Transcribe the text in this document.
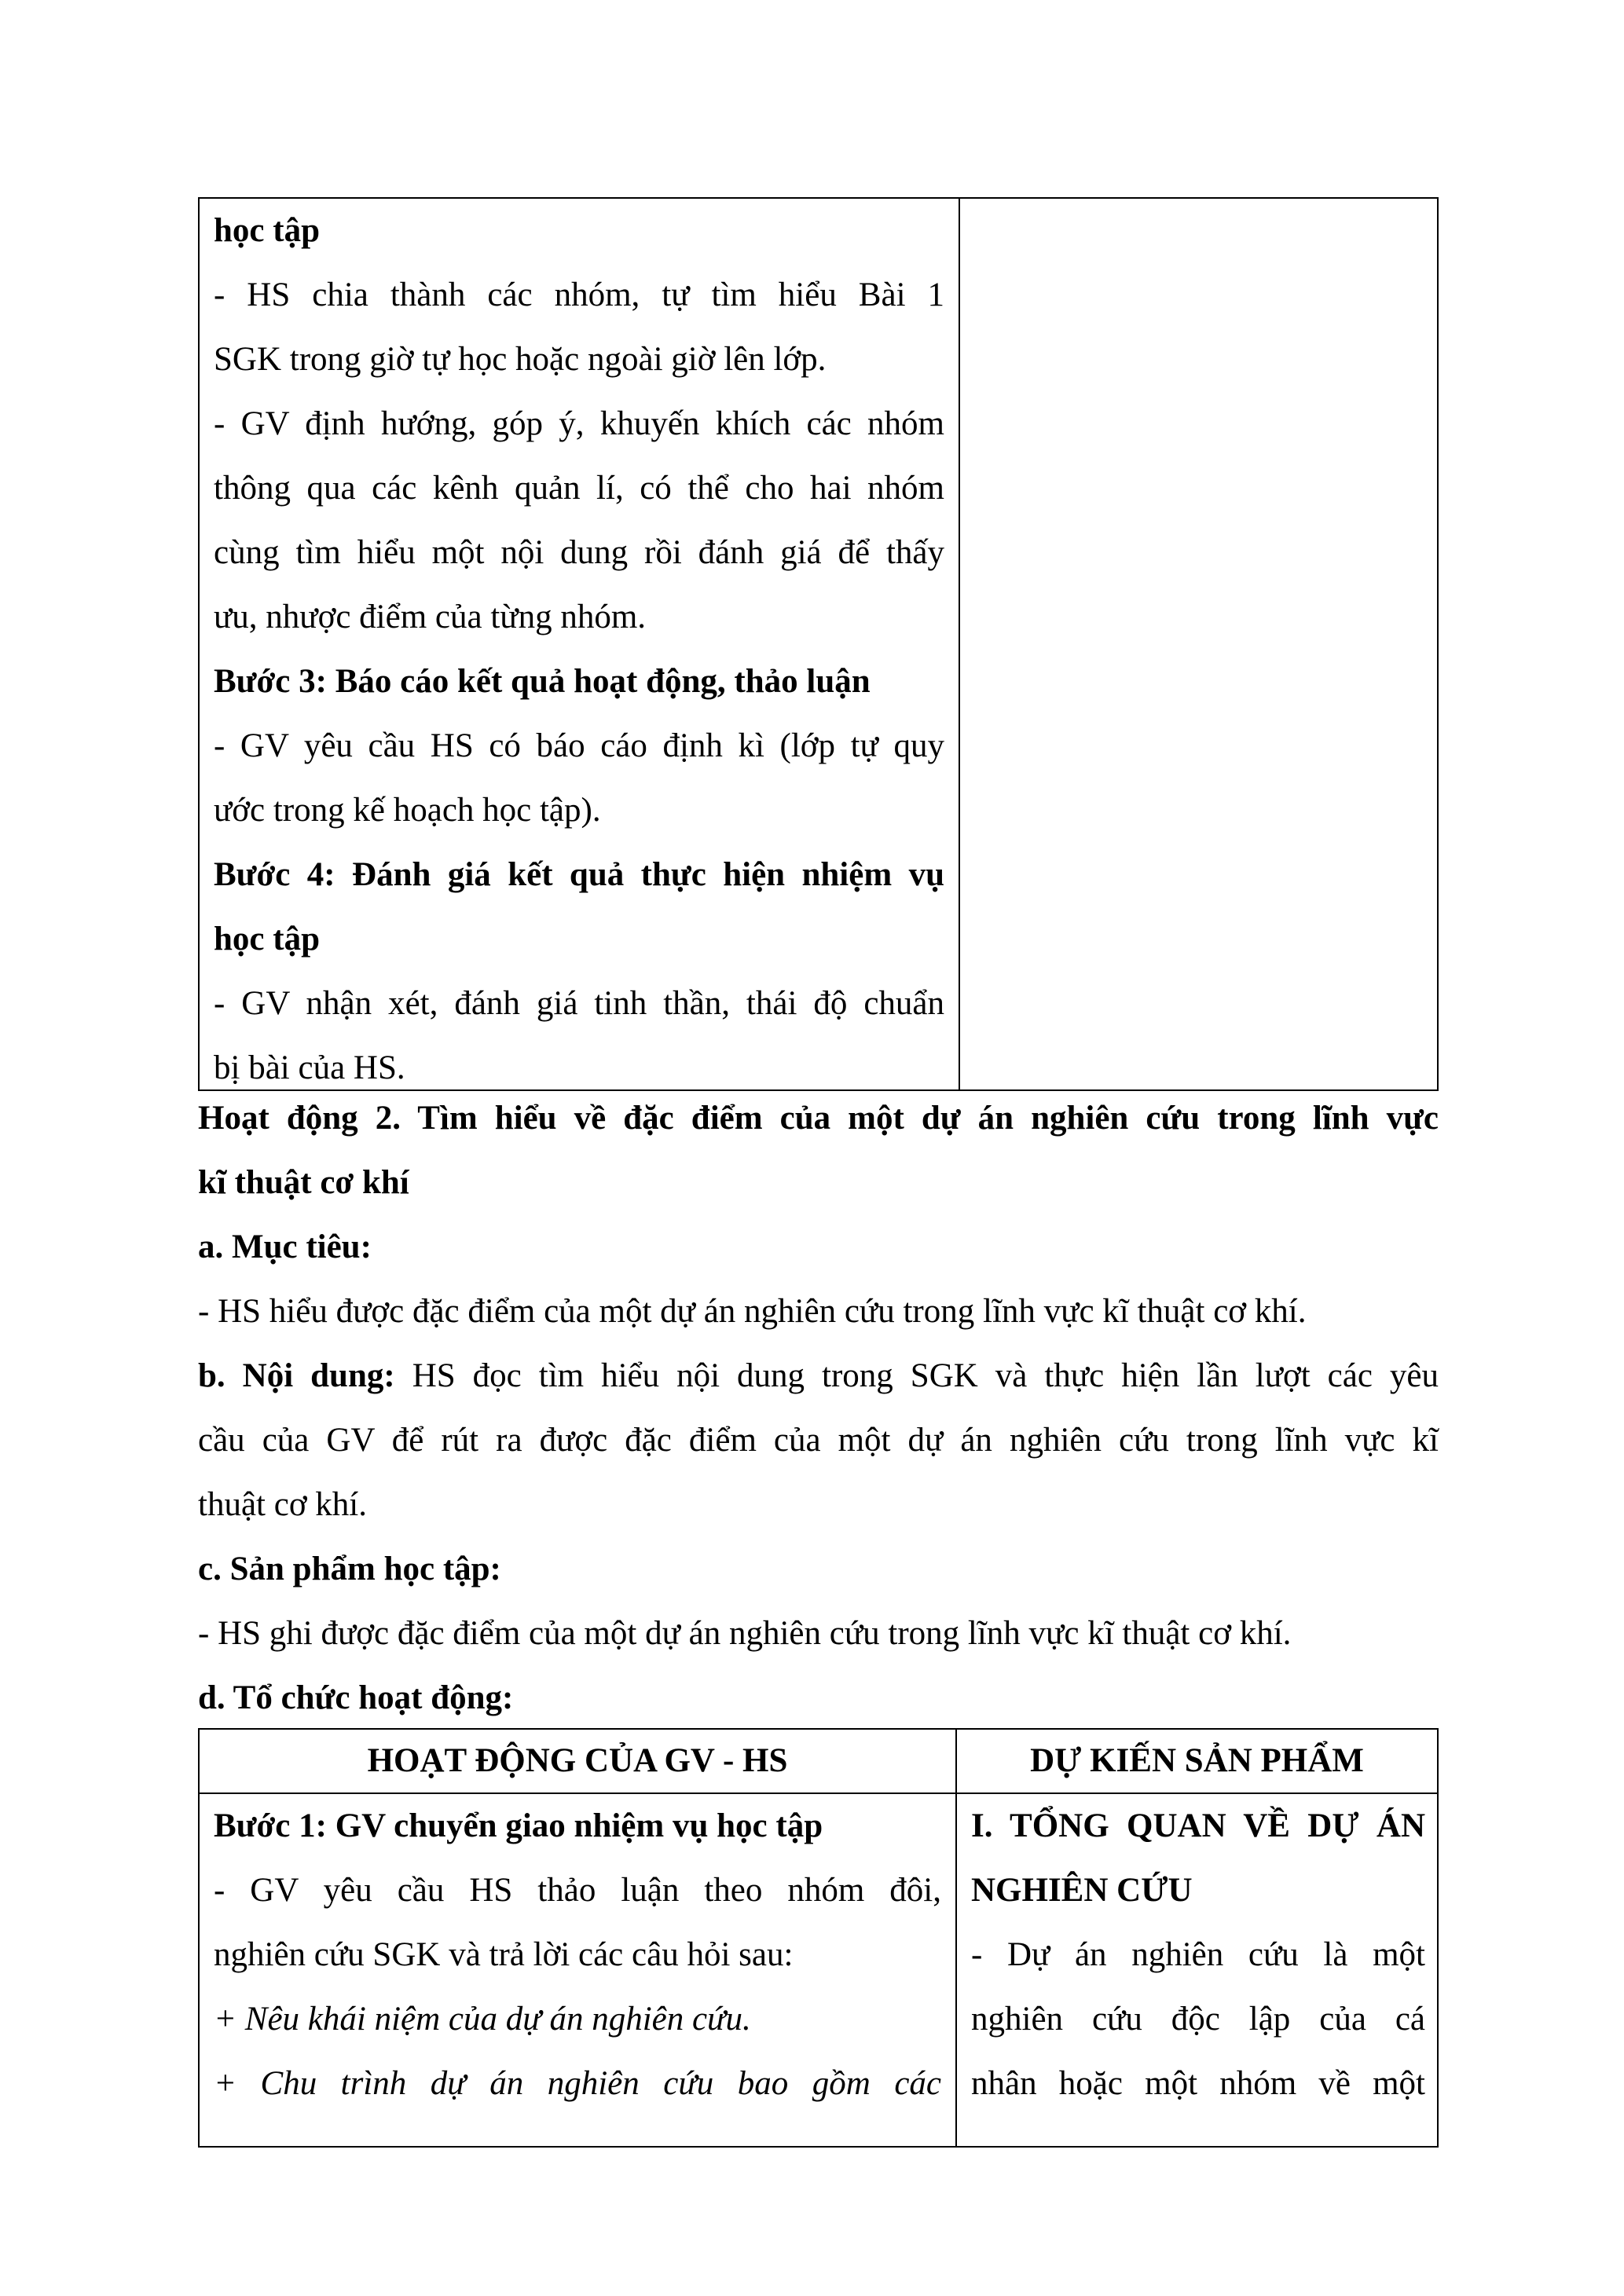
học tập

- HS chia thành các nhóm, tự tìm hiểu Bài 1

SGK trong giờ tự học hoặc ngoài giờ lên lớp.

- GV định hướng, góp ý, khuyến khích các nhóm

thông qua các kênh quản lí, có thể cho hai nhóm

cùng tìm hiểu một nội dung rồi đánh giá để thấy

ưu, nhược điểm của từng nhóm.

Bước 3: Báo cáo kết quả hoạt động, thảo luận

- GV yêu cầu HS có báo cáo định kì (lớp tự quy

ước trong kế hoạch học tập).

Bước 4: Đánh giá kết quả thực hiện nhiệm vụ

học tập

- GV nhận xét, đánh giá tinh thần, thái độ chuẩn

bị bài của HS.

Hoạt động 2. Tìm hiểu về đặc điểm của một dự án nghiên cứu trong lĩnh vực

kĩ thuật cơ khí

a. Mục tiêu:

- HS hiểu được đặc điểm của một dự án nghiên cứu trong lĩnh vực kĩ thuật cơ khí.

b. Nội dung: HS đọc tìm hiểu nội dung trong SGK và thực hiện lần lượt các yêu

cầu của GV để rút ra được đặc điểm của một dự án nghiên cứu trong lĩnh vực kĩ

thuật cơ khí.

c. Sản phẩm học tập:

- HS ghi được đặc điểm của một dự án nghiên cứu trong lĩnh vực kĩ thuật cơ khí.

d. Tổ chức hoạt động:

HOẠT ĐỘNG CỦA GV - HS	DỰ KIẾN SẢN PHẨM

Bước 1: GV chuyển giao nhiệm vụ học tập

- GV yêu cầu HS thảo luận theo nhóm đôi,

nghiên cứu SGK và trả lời các câu hỏi sau:

+ Nêu khái niệm của dự án nghiên cứu.

+ Chu trình dự án nghiên cứu bao gồm các

I. TỔNG QUAN VỀ DỰ ÁN

NGHIÊN CỨU

- Dự án nghiên cứu là một

nghiên cứu độc lập của cá

nhân hoặc một nhóm về một
